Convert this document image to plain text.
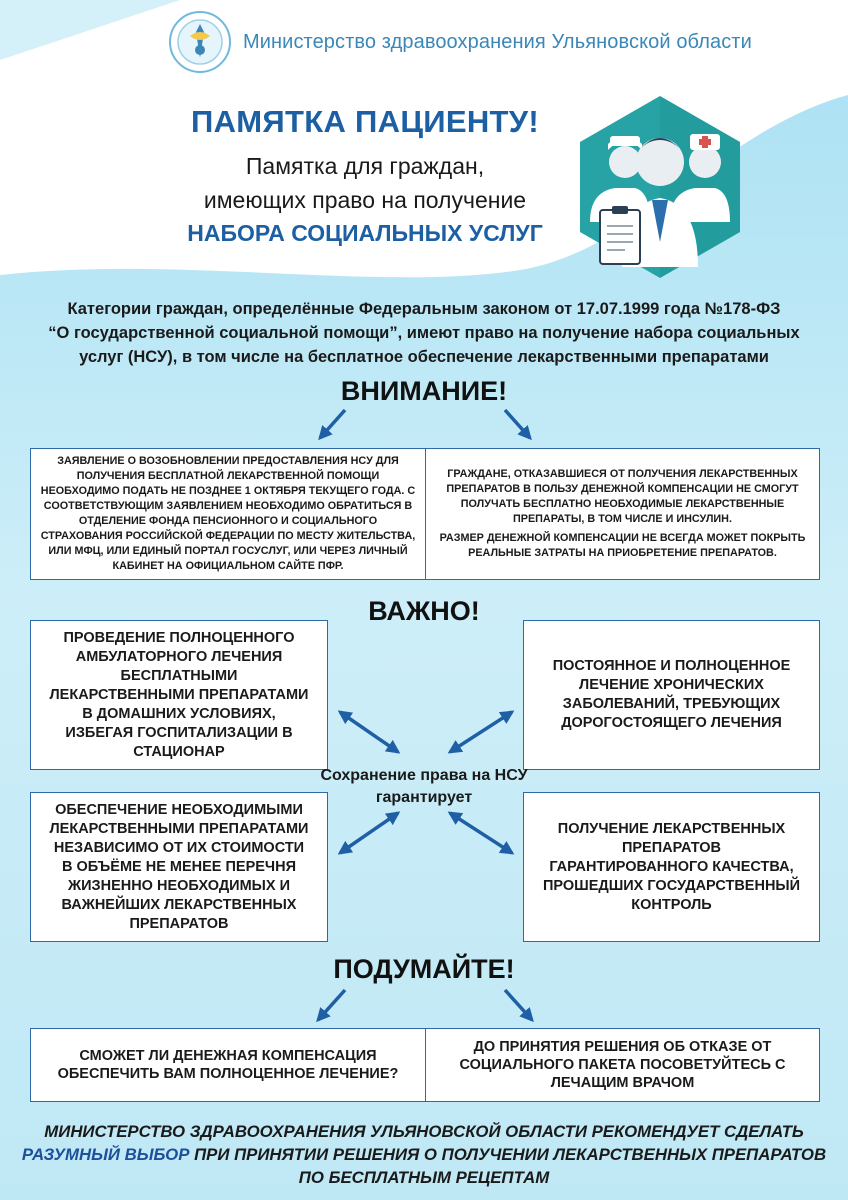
Министерство здравоохранения Ульяновской области
ПАМЯТКА ПАЦИЕНТУ!
Памятка для граждан,
имеющих право на получение
НАБОРА СОЦИАЛЬНЫХ УСЛУГ
Категории граждан, определённые Федеральным законом от 17.07.1999 года №178-ФЗ
“О государственной социальной помощи”, имеют право на получение набора социальных
услуг (НСУ), в том числе на бесплатное обеспечение лекарственными препаратами
ВНИМАНИЕ!
ЗАЯВЛЕНИЕ О ВОЗОБНОВЛЕНИИ ПРЕДОСТАВЛЕНИЯ НСУ ДЛЯ ПОЛУЧЕНИЯ БЕСПЛАТНОЙ ЛЕКАРСТВЕННОЙ ПОМОЩИ НЕОБХОДИМО ПОДАТЬ НЕ ПОЗДНЕЕ 1 ОКТЯБРЯ ТЕКУЩЕГО ГОДА. С СООТВЕТСТВУЮЩИМ ЗАЯВЛЕНИЕМ НЕОБХОДИМО ОБРАТИТЬСЯ В ОТДЕЛЕНИЕ ФОНДА ПЕНСИОННОГО И СОЦИАЛЬНОГО СТРАХОВАНИЯ РОССИЙСКОЙ ФЕДЕРАЦИИ ПО МЕСТУ ЖИТЕЛЬСТВА, ИЛИ МФЦ, ИЛИ ЕДИНЫЙ ПОРТАЛ ГОСУСЛУГ, ИЛИ ЧЕРЕЗ ЛИЧНЫЙ КАБИНЕТ НА ОФИЦИАЛЬНОМ САЙТЕ ПФР.
ГРАЖДАНЕ, ОТКАЗАВШИЕСЯ ОТ ПОЛУЧЕНИЯ ЛЕКАРСТВЕННЫХ ПРЕПАРАТОВ В ПОЛЬЗУ ДЕНЕЖНОЙ КОМПЕНСАЦИИ НЕ СМОГУТ ПОЛУЧАТЬ БЕСПЛАТНО НЕОБХОДИМЫЕ ЛЕКАРСТВЕННЫЕ ПРЕПАРАТЫ, В ТОМ ЧИСЛЕ И ИНСУЛИН.
РАЗМЕР ДЕНЕЖНОЙ КОМПЕНСАЦИИ НЕ ВСЕГДА МОЖЕТ ПОКРЫТЬ РЕАЛЬНЫЕ ЗАТРАТЫ НА ПРИОБРЕТЕНИЕ ПРЕПАРАТОВ.
ВАЖНО!
ПРОВЕДЕНИЕ ПОЛНОЦЕННОГО АМБУЛАТОРНОГО ЛЕЧЕНИЯ БЕСПЛАТНЫМИ ЛЕКАРСТВЕННЫМИ ПРЕПАРАТАМИ В ДОМАШНИХ УСЛОВИЯХ, ИЗБЕГАЯ ГОСПИТАЛИЗАЦИИ В СТАЦИОНАР
ПОСТОЯННОЕ И ПОЛНОЦЕННОЕ ЛЕЧЕНИЕ ХРОНИЧЕСКИХ ЗАБОЛЕВАНИЙ, ТРЕБУЮЩИХ ДОРОГОСТОЯЩЕГО ЛЕЧЕНИЯ
ОБЕСПЕЧЕНИЕ НЕОБХОДИМЫМИ ЛЕКАРСТВЕННЫМИ ПРЕПАРАТАМИ НЕЗАВИСИМО ОТ ИХ СТОИМОСТИ В ОБЪЁМЕ НЕ МЕНЕЕ ПЕРЕЧНЯ ЖИЗНЕННО НЕОБХОДИМЫХ И ВАЖНЕЙШИХ ЛЕКАРСТВЕННЫХ ПРЕПАРАТОВ
ПОЛУЧЕНИЕ ЛЕКАРСТВЕННЫХ ПРЕПАРАТОВ ГАРАНТИРОВАННОГО КАЧЕСТВА, ПРОШЕДШИХ ГОСУДАРСТВЕННЫЙ КОНТРОЛЬ
Сохранение права на НСУ гарантирует
ПОДУМАЙТЕ!
СМОЖЕТ ЛИ ДЕНЕЖНАЯ КОМПЕНСАЦИЯ ОБЕСПЕЧИТЬ ВАМ ПОЛНОЦЕННОЕ ЛЕЧЕНИЕ?
ДО ПРИНЯТИЯ РЕШЕНИЯ ОБ ОТКАЗЕ ОТ СОЦИАЛЬНОГО ПАКЕТА ПОСОВЕТУЙТЕСЬ С ЛЕЧАЩИМ ВРАЧОМ
МИНИСТЕРСТВО ЗДРАВООХРАНЕНИЯ УЛЬЯНОВСКОЙ ОБЛАСТИ РЕКОМЕНДУЕТ СДЕЛАТЬ РАЗУМНЫЙ ВЫБОР ПРИ ПРИНЯТИИ РЕШЕНИЯ О ПОЛУЧЕНИИ ЛЕКАРСТВЕННЫХ ПРЕПАРАТОВ ПО БЕСПЛАТНЫМ РЕЦЕПТАМ
